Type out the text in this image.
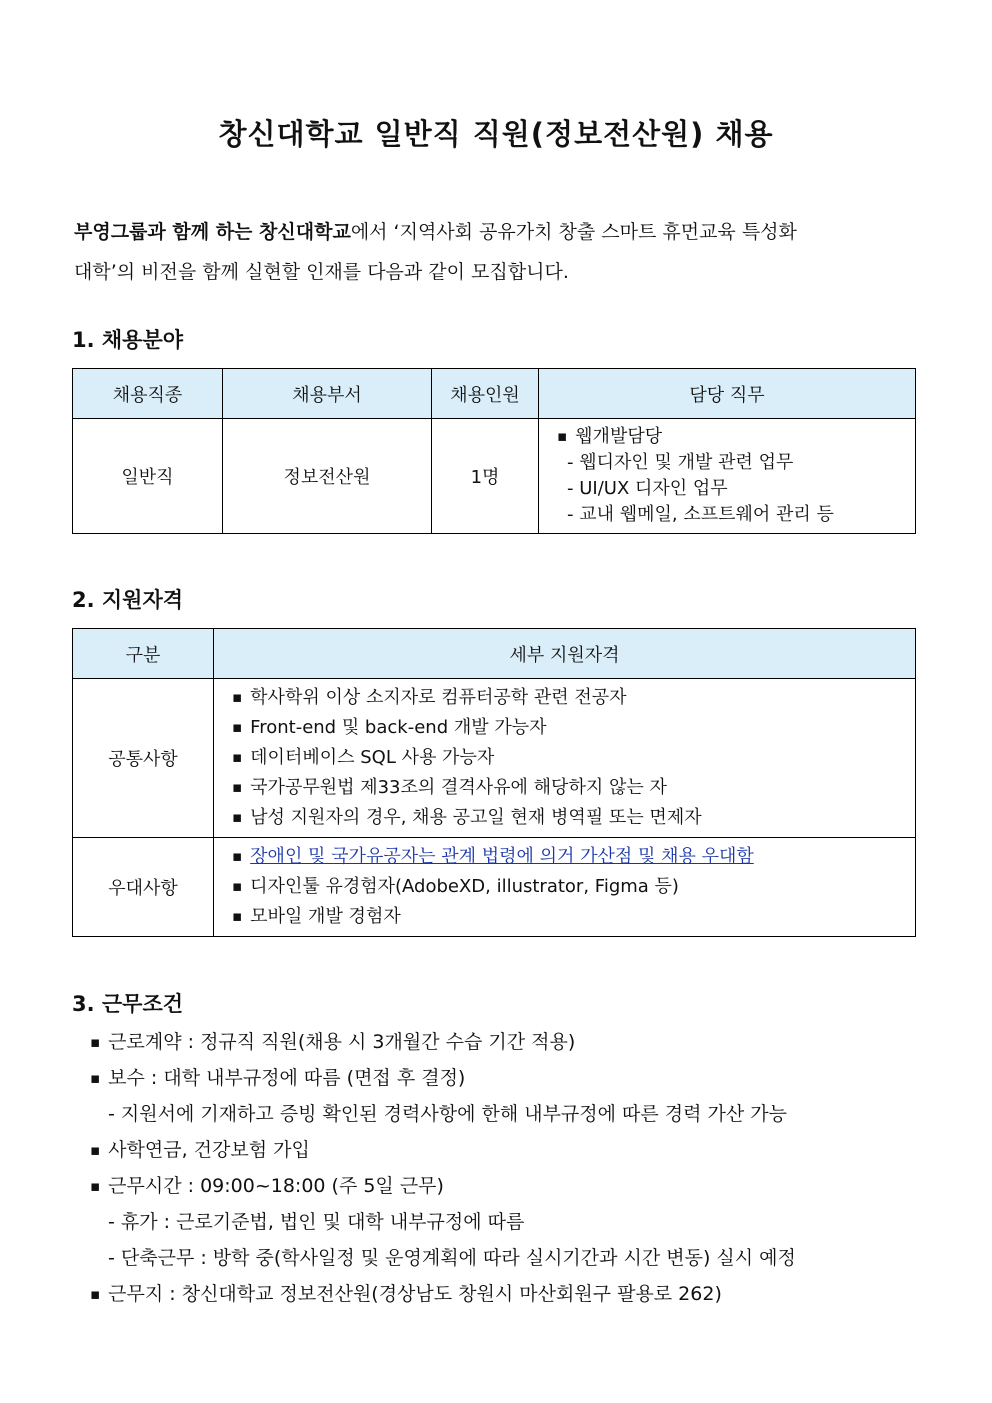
창신대학교 일반직 직원(정보전산원) 채용
부영그룹과 함께 하는 창신대학교 에서 ‘지역사회 공유가치 창출 스마트 휴먼교육 특성화
대학’의 비전을 함께 실현할 인재를 다음과 같이 모집합니다.
1. 채용분야
채용직종	채용부서	채용인원	담당 직무
일반직	정보전산원	1명	▪ 웹개발담당
- 웹디자인 및 개발 관련 업무
- UI/UX 디자인 업무
- 교내 웹메일, 소프트웨어 관리 등
2. 지원자격
구분	세부 지원자격
공통사항	▪ 학사학위 이상 소지자로 컴퓨터공학 관련 전공자
▪ Front-end 및 back-end 개발 가능자
▪ 데이터베이스 SQL 사용 가능자
▪ 국가공무원법 제33조의 결격사유에 해당하지 않는 자
▪ 남성 지원자의 경우, 채용 공고일 현재 병역필 또는 면제자

우대사항	▪ 장애인 및 국가유공자는 관계 법령에 의거 가산점 및 채용 우대함
▪ 디자인툴 유경험자(AdobeXD, illustrator, Figma 등)
▪ 모바일 개발 경험자
3. 근무조건
▪ 근로계약 : 정규직 직원(채용 시 3개월간 수습 기간 적용)
▪ 보수 : 대학 내부규정에 따름 (면접 후 결정)
- 지원서에 기재하고 증빙 확인된 경력사항에 한해 내부규정에 따른 경력 가산 가능
▪ 사학연금, 건강보험 가입
▪ 근무시간 : 09:00~18:00 (주 5일 근무)
- 휴가 : 근로기준법, 법인 및 대학 내부규정에 따름
- 단축근무 : 방학 중(학사일정 및 운영계획에 따라 실시기간과 시간 변동) 실시 예정
▪ 근무지 : 창신대학교 정보전산원(경상남도 창원시 마산회원구 팔용로 262)
